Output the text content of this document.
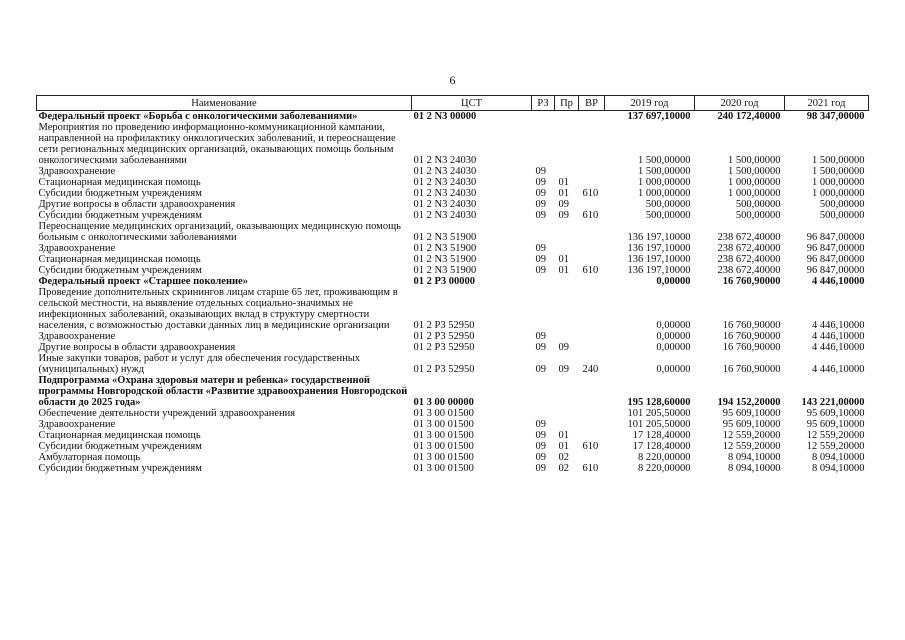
6
Наименование	ЦСТ	РЗ	Пр	ВР	2019 год	2020 год	2021 год
Федеральный проект «Борьба с онкологическими заболеваниями»	01 2 N3 00000				137 697,10000	240 172,40000	98 347,00000
Мероприятия по проведению информационно-коммуникационной кампании, направленной на профилактику онкологических заболеваний, и переоснащение сети региональных медицинских организаций, оказывающих помощь больным онкологическими заболеваниями	01 2 N3 24030				1 500,00000	1 500,00000	1 500,00000
Здравоохранение	01 2 N3 24030	09			1 500,00000	1 500,00000	1 500,00000
Стационарная медицинская помощь	01 2 N3 24030	09	01		1 000,00000	1 000,00000	1 000,00000
Субсидии бюджетным учреждениям	01 2 N3 24030	09	01	610	1 000,00000	1 000,00000	1 000,00000
Другие вопросы в области здравоохранения	01 2 N3 24030	09	09		500,00000	500,00000	500,00000
Субсидии бюджетным учреждениям	01 2 N3 24030	09	09	610	500,00000	500,00000	500,00000
Переоснащение медицинских организаций, оказывающих медицинскую помощь больным с онкологическими заболеваниями	01 2 N3 51900				136 197,10000	238 672,40000	96 847,00000
Здравоохранение	01 2 N3 51900	09			136 197,10000	238 672,40000	96 847,00000
Стационарная медицинская помощь	01 2 N3 51900	09	01		136 197,10000	238 672,40000	96 847,00000
Субсидии бюджетным учреждениям	01 2 N3 51900	09	01	610	136 197,10000	238 672,40000	96 847,00000
Федеральный проект «Старшее поколение»	01 2 P3 00000				0,00000	16 760,90000	4 446,10000
Проведение дополнительных скринингов лицам старше 65 лет, проживающим в сельской местности, на выявление отдельных социально-значимых не инфекционных заболеваний, оказывающих вклад в структуру смертности населения, с возможностью доставки данных лиц в медицинские организации	01 2 P3 52950				0,00000	16 760,90000	4 446,10000
Здравоохранение	01 2 P3 52950	09			0,00000	16 760,90000	4 446,10000
Другие вопросы в области здравоохранения	01 2 P3 52950	09	09		0,00000	16 760,90000	4 446,10000
Иные закупки товаров, работ и услуг для обеспечения государственных (муниципальных) нужд	01 2 P3 52950	09	09	240	0,00000	16 760,90000	4 446,10000
Подпрограмма «Охрана здоровья матери и ребенка» государственной программы Новгородской области «Развитие здравоохранения Новгородской области до 2025 года»	01 3 00 00000				195 128,60000	194 152,20000	143 221,00000
Обеспечение деятельности учреждений здравоохранения	01 3 00 01500				101 205,50000	95 609,10000	95 609,10000
Здравоохранение	01 3 00 01500	09			101 205,50000	95 609,10000	95 609,10000
Стационарная медицинская помощь	01 3 00 01500	09	01		17 128,40000	12 559,20000	12 559,20000
Субсидии бюджетным учреждениям	01 3 00 01500	09	01	610	17 128,40000	12 559,20000	12 559,20000
Амбулаторная помощь	01 3 00 01500	09	02		8 220,00000	8 094,10000	8 094,10000
Субсидии бюджетным учреждениям	01 3 00 01500	09	02	610	8 220,00000	8 094,10000	8 094,10000
